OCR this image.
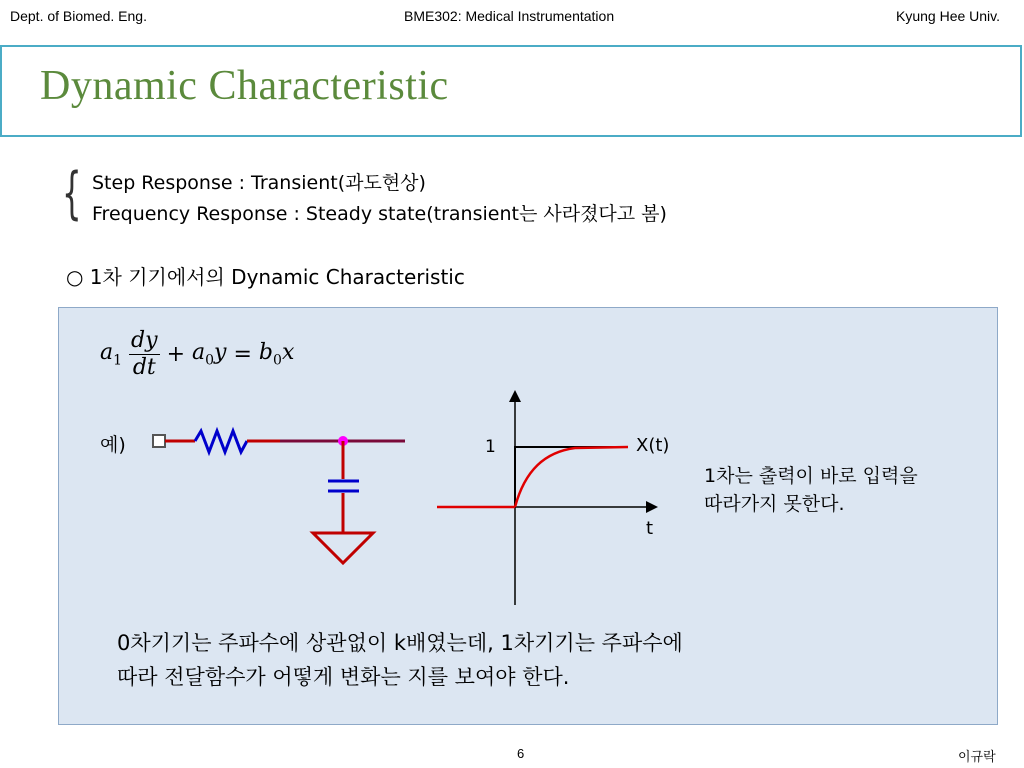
Dept. of Biomed. Eng.	BME302: Medical Instrumentation	Kyung Hee Univ.
Dynamic Characteristic
{ Step Response : Transient(과도현상)
Frequency Response : Steady state(transient는 사라졌다고 봄)
○ 1차 기기에서의 Dynamic Characteristic
$a_1 \frac{dy}{dt} + a_0y = b_0x$
예)	1	X(t)
t
1차는 출력이 바로 입력을
따라가지 못한다.
0차기기는 주파수에 상관없이 k배였는데, 1차기기는 주파수에
따라 전달함수가 어떻게 변화는 지를 보여야 한다.
6	이규락
